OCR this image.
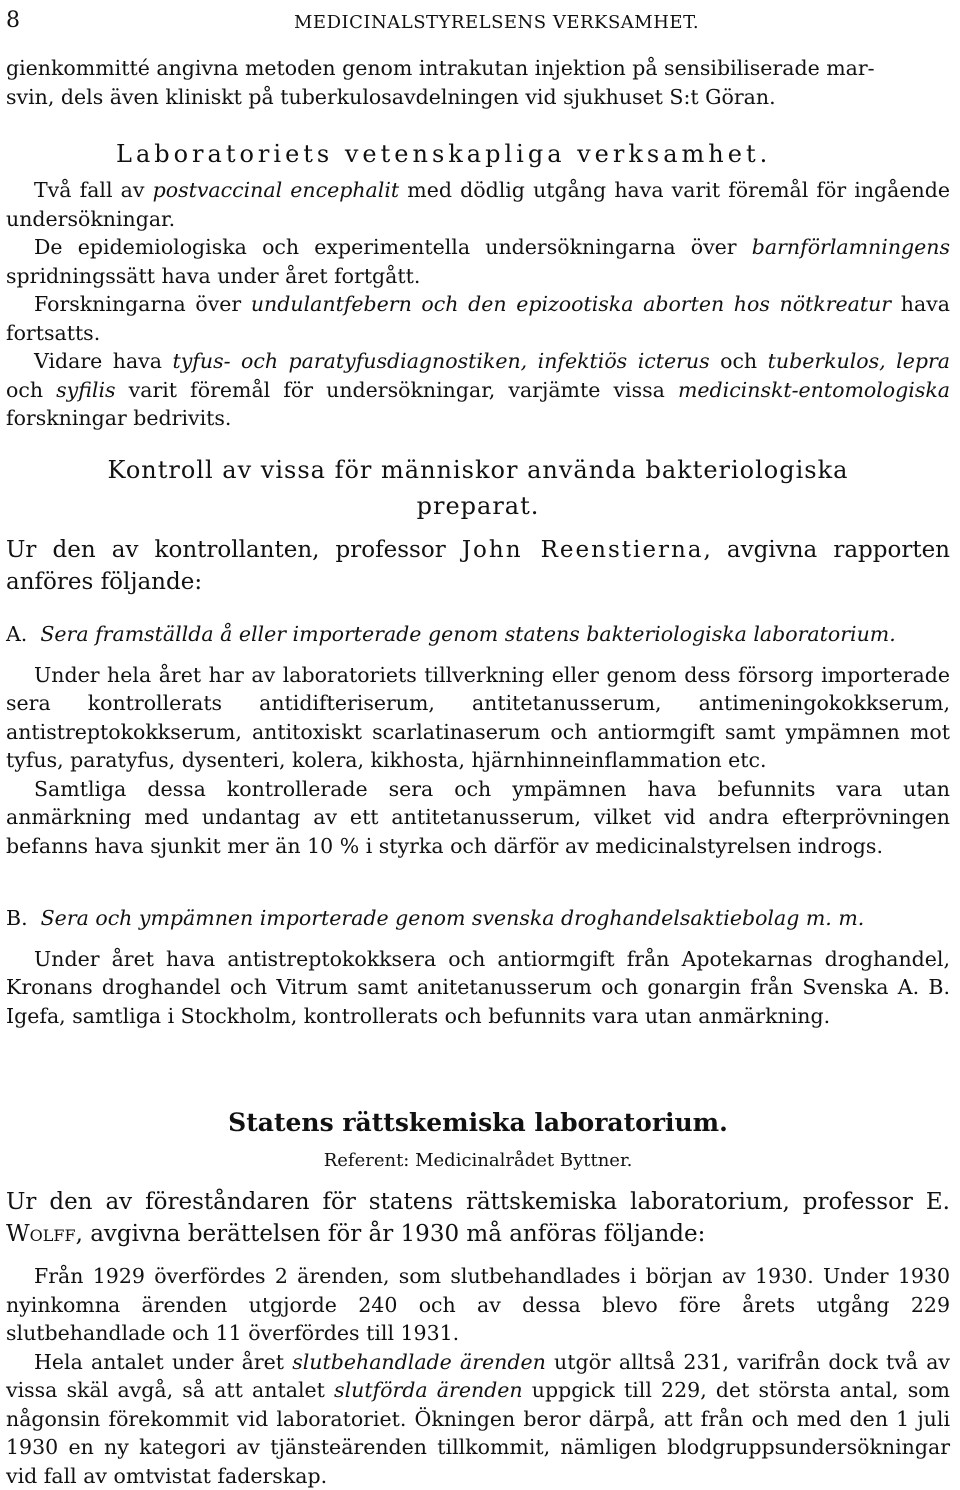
8	MEDICINALSTYRELSENS VERKSAMHET.

gienkommitté angivna metoden genom intrakutan injektion på sensibiliserade mar-

svin, dels även kliniskt på tuberkulosavdelningen vid sjukhuset S:t Göran.

Laboratoriets vetenskapliga verksamhet.

Två fall av postvaccinal encephalit med dödlig utgång hava varit föremål för ingående undersökningar.

De epidemiologiska och experimentella undersökningarna över barnförlamningens spridningssätt hava under året fortgått.

Forskningarna över undulantfebern och den epizootiska aborten hos nötkreatur hava fortsatts.

Vidare hava tyfus- och paratyfusdiagnostiken, infektiös icterus och tuberkulos, lepra och syfilis varit föremål för undersökningar, varjämte vissa medicinskt-entomologiska forskningar bedrivits.

Kontroll av vissa för människor använda bakteriologiska
preparat.

Ur den av kontrollanten, professor John Reenstierna, avgivna rapporten anföres följande:

A. Sera framställda å eller importerade genom statens bakteriologiska laboratorium.

Under hela året har av laboratoriets tillverkning eller genom dess försorg importerade sera kontrollerats antidifteriserum, antitetanusserum, antimeningokokkserum, antistreptokokkserum, antitoxiskt scarlatinaserum och antiormgift samt ympämnen mot tyfus, paratyfus, dysenteri, kolera, kikhosta, hjärnhinneinflammation etc.

Samtliga dessa kontrollerade sera och ympämnen hava befunnits vara utan anmärkning med undantag av ett antitetanusserum, vilket vid andra efterprövningen befanns hava sjunkit mer än 10 % i styrka och därför av medicinalstyrelsen indrogs.

B. Sera och ympämnen importerade genom svenska droghandelsaktiebolag m. m.

Under året hava antistreptokokksera och antiormgift från Apotekarnas droghandel, Kronans droghandel och Vitrum samt anitetanusserum och gonargin från Svenska A. B. Igefa, samtliga i Stockholm, kontrollerats och befunnits vara utan anmärkning.

Statens rättskemiska laboratorium.
Referent: Medicinalrådet Byttner.

Ur den av föreståndaren för statens rättskemiska laboratorium, professor E. Wolff, avgivna berättelsen för år 1930 må anföras följande:

Från 1929 överfördes 2 ärenden, som slutbehandlades i början av 1930. Under 1930 nyinkomna ärenden utgjorde 240 och av dessa blevo före årets utgång 229 slutbehandlade och 11 överfördes till 1931.

Hela antalet under året slutbehandlade ärenden utgör alltså 231, varifrån dock två av vissa skäl avgå, så att antalet slutförda ärenden uppgick till 229, det största antal, som någonsin förekommit vid laboratoriet. Ökningen beror därpå, att från och med den 1 juli 1930 en ny kategori av tjänsteärenden tillkommit, nämligen blodgruppsundersökningar vid fall av omtvistat faderskap.
